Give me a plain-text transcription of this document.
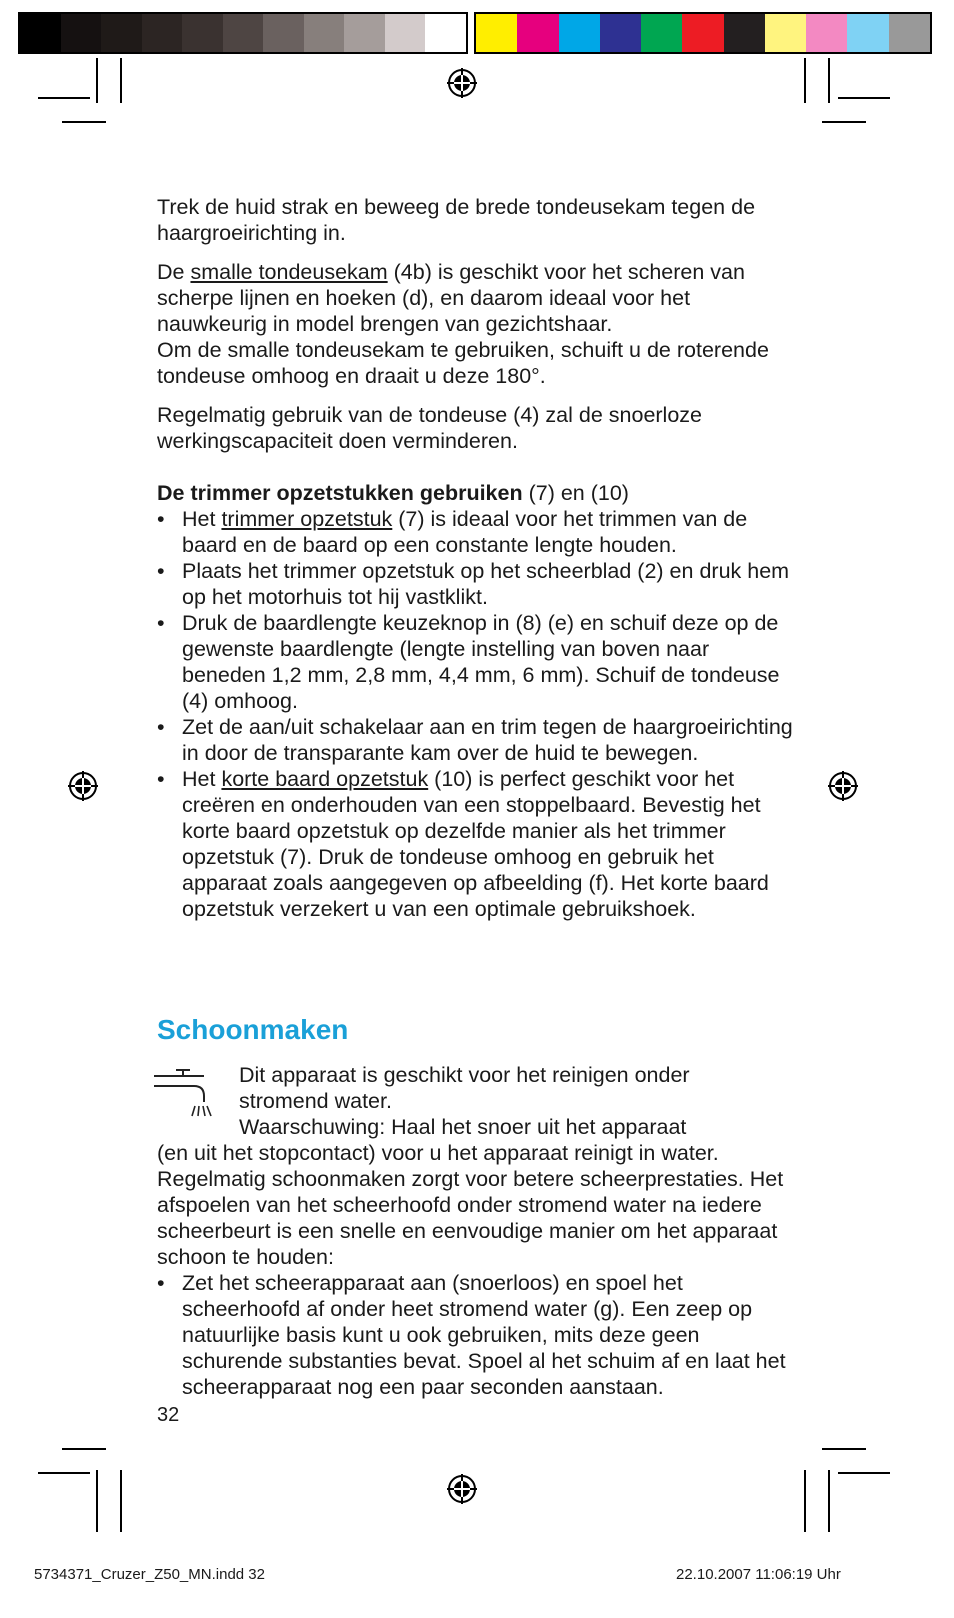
Trek de huid strak en beweeg de brede tondeusekam tegen de haargroeirichting in.

De smalle tondeusekam (4b) is geschikt voor het scheren van scherpe lijnen en hoeken (d), en daarom ideaal voor het nauwkeurig in model brengen van gezichtshaar.
Om de smalle tondeusekam te gebruiken, schuift u de roterende tondeuse omhoog en draait u deze 180°.

Regelmatig gebruik van de tondeuse (4) zal de snoerloze werkingscapaciteit doen verminderen.

De trimmer opzetstukken gebruiken (7) en (10)
• Het trimmer opzetstuk (7) is ideaal voor het trimmen van de baard en de baard op een constante lengte houden.
• Plaats het trimmer opzetstuk op het scheerblad (2) en druk hem op het motorhuis tot hij vastklikt.
• Druk de baardlengte keuzeknop in (8) (e) en schuif deze op de gewenste baardlengte (lengte instelling van boven naar beneden 1,2 mm, 2,8 mm, 4,4 mm, 6 mm). Schuif de tondeuse (4) omhoog.
• Zet de aan/uit schakelaar aan en trim tegen de haargroeirichting in door de transparante kam over de huid te bewegen.
• Het korte baard opzetstuk (10) is perfect geschikt voor het creëren en onderhouden van een stoppelbaard. Bevestig het korte baard opzetstuk op dezelfde manier als het trimmer opzetstuk (7). Druk de tondeuse omhoog en gebruik het apparaat zoals aangegeven op afbeelding (f). Het korte baard opzetstuk verzekert u van een optimale gebruikshoek.
Schoonmaken
Dit apparaat is geschikt voor het reinigen onder
stromend water.
Waarschuwing: Haal het snoer uit het apparaat
(en uit het stopcontact) voor u het apparaat reinigt in water. Regelmatig schoonmaken zorgt voor betere scheerprestaties. Het afspoelen van het scheerhoofd onder stromend water na iedere scheerbeurt is een snelle en eenvoudige manier om het apparaat schoon te houden:
• Zet het scheerapparaat aan (snoerloos) en spoel het scheerhoofd af onder heet stromend water (g). Een zeep op natuurlijke basis kunt u ook gebruiken, mits deze geen schurende substanties bevat. Spoel al het schuim af en laat het scheerapparaat nog een paar seconden aanstaan.
32
5734371_Cruzer_Z50_MN.indd 32	22.10.2007 11:06:19 Uhr
